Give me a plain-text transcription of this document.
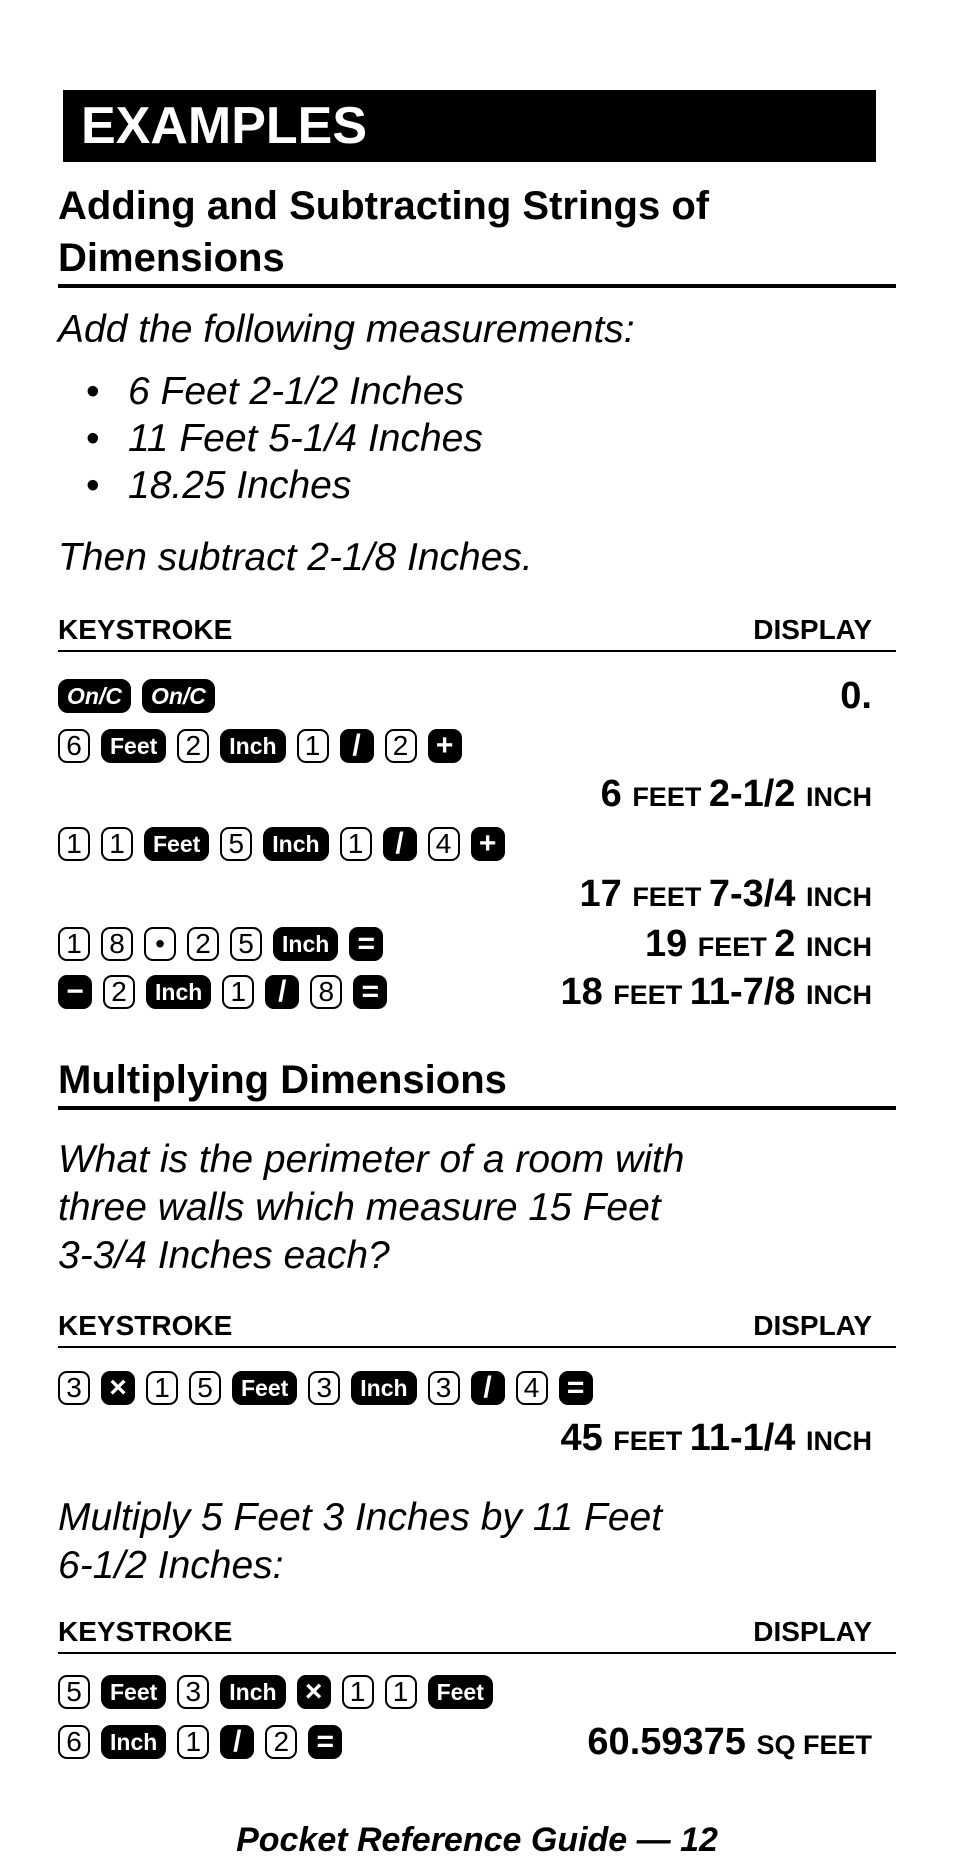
EXAMPLES
Adding and Subtracting Strings of
Dimensions
Add the following measurements:
• 6 Feet 2-1/2 Inches
• 11 Feet 5-1/4 Inches
• 18.25 Inches
Then subtract 2-1/8 Inches.
KEYSTROKE	DISPLAY
On/C	On/C	0.
6	Feet	2	Inch	1	/	2 +
6 FEET 2-1/2 INCH
1 1	Feet	5	Inch	1	/	4 +
17 FEET 7-3/4 INCH
1 8	•	2 5	Inch =	19 FEET 2 INCH
− 2	Inch	1	/	8 =	18 FEET 11-7/8 INCH
Multiplying Dimensions
What is the perimeter of a room with
three walls which measure 15 Feet
3-3/4 Inches each?
KEYSTROKE	DISPLAY
3 × 1 5	Feet	3	Inch	3	/	4 =
45 FEET 11-1/4 INCH
Multiply 5 Feet 3 Inches by 11 Feet
6-1/2 Inches:
KEYSTROKE	DISPLAY
5	Feet	3	Inch × 1 1	Feet
6	Inch	1	/	2 =	60.59375 SQ FEET
Pocket Reference Guide — 12
